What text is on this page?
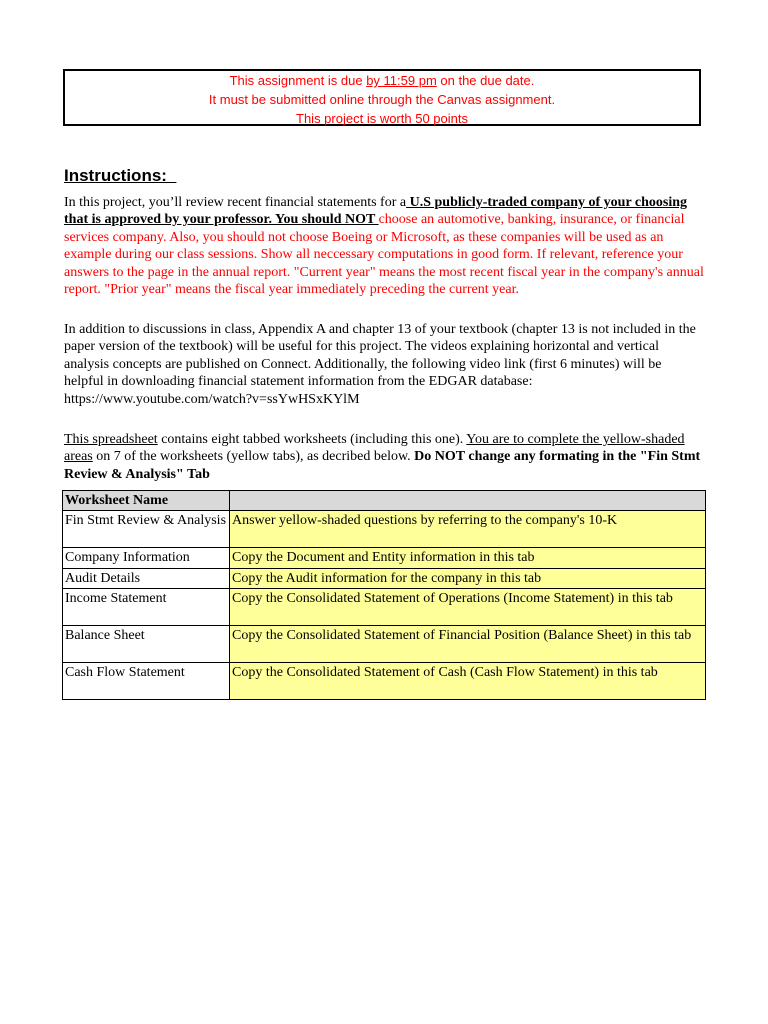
This assignment is due by 11:59 pm on the due date.
It must be submitted online through the Canvas assignment.
This project is worth 50 points
Instructions:

In this project, you’ll review recent financial statements for a U.S publicly-traded company of your choosing that is approved by your professor. You should NOT choose an automotive, banking, insurance, or financial services company. Also, you should not choose Boeing or Microsoft, as these companies will be used as an example during our class sessions. Show all neccessary computations in good form. If relevant, reference your answers to the page in the annual report. "Current year" means the most recent fiscal year in the company's annual report. "Prior year" means the fiscal year immediately preceding the current year.

In addition to discussions in class, Appendix A and chapter 13 of your textbook (chapter 13 is not included in the paper version of the textbook) will be useful for this project. The videos explaining horizontal and vertical analysis concepts are published on Connect. Additionally, the following video link (first 6 minutes) will be helpful in downloading financial statement information from the EDGAR database: https://www.youtube.com/watch?v=ssYwHSxKYlM

This spreadsheet contains eight tabbed worksheets (including this one). You are to complete the yellow-shaded areas on 7 of the worksheets (yellow tabs), as decribed below. Do NOT change any formating in the "Fin Stmt Review & Analysis" Tab

Worksheet Name	
Fin Stmt Review & Analysis	Answer yellow-shaded questions by referring to the company's 10-K
Company Information	Copy the Document and Entity information in this tab
Audit Details	Copy the Audit information for the company in this tab
Income Statement	Copy the Consolidated Statement of Operations (Income Statement) in this tab
Balance Sheet	Copy the Consolidated Statement of Financial Position (Balance Sheet) in this tab
Cash Flow Statement	Copy the Consolidated Statement of Cash (Cash Flow Statement) in this tab
